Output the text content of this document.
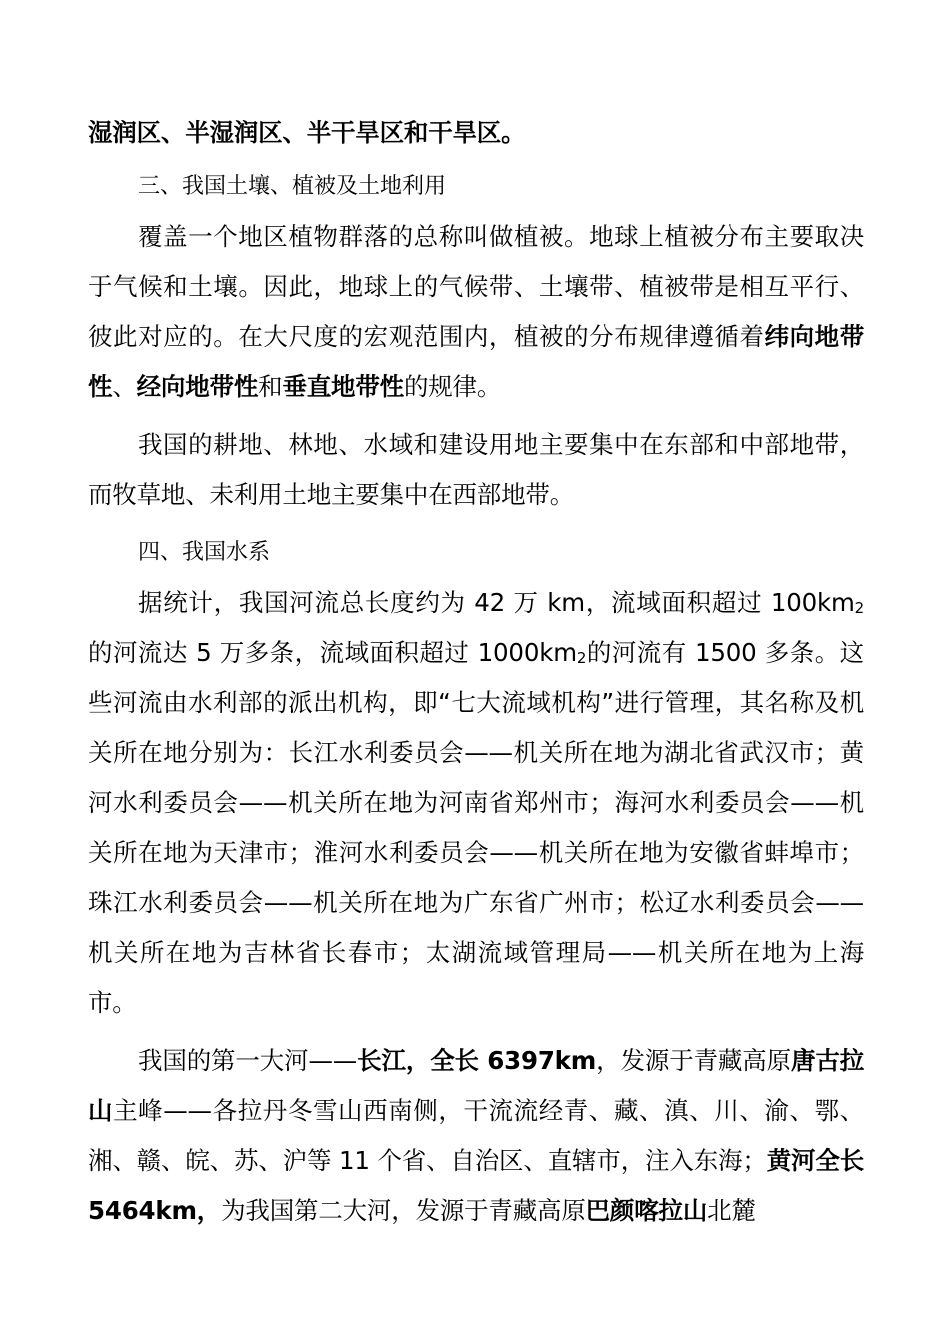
湿润区、半湿润区、半干旱区和干旱区。

三、我国土壤、植被及土地利用

覆盖一个地区植物群落的总称叫做植被。地球上植被分布主要取决于气候和土壤。因此，地球上的气候带、土壤带、植被带是相互平行、彼此对应的。在大尺度的宏观范围内，植被的分布规律遵循着纬向地带性、经向地带性和垂直地带性的规律。

我国的耕地、林地、水域和建设用地主要集中在东部和中部地带，而牧草地、未利用土地主要集中在西部地带。

四、我国水系

据统计，我国河流总长度约为 42 万 km，流域面积超过 $100km_2$的河流达 5 万多条，流域面积超过 $1000km_2$的河流有 1500 多条。这些河流由水利部的派出机构，即“七大流域机构”进行管理，其名称及机关所在地分别为：长江水利委员会——机关所在地为湖北省武汉市；黄河水利委员会——机关所在地为河南省郑州市；海河水利委员会——机关所在地为天津市；淮河水利委员会——机关所在地为安徽省蚌埠市；珠江水利委员会——机关所在地为广东省广州市；松辽水利委员会——机关所在地为吉林省长春市；太湖流域管理局——机关所在地为上海市。

我国的第一大河——长江，全长 6397km，发源于青藏高原唐古拉山主峰——各拉丹冬雪山西南侧，干流流经青、藏、滇、川、渝、鄂、湘、赣、皖、苏、沪等 11 个省、自治区、直辖市，注入东海；黄河全长 5464km，为我国第二大河，发源于青藏高原巴颜喀拉山北麓
